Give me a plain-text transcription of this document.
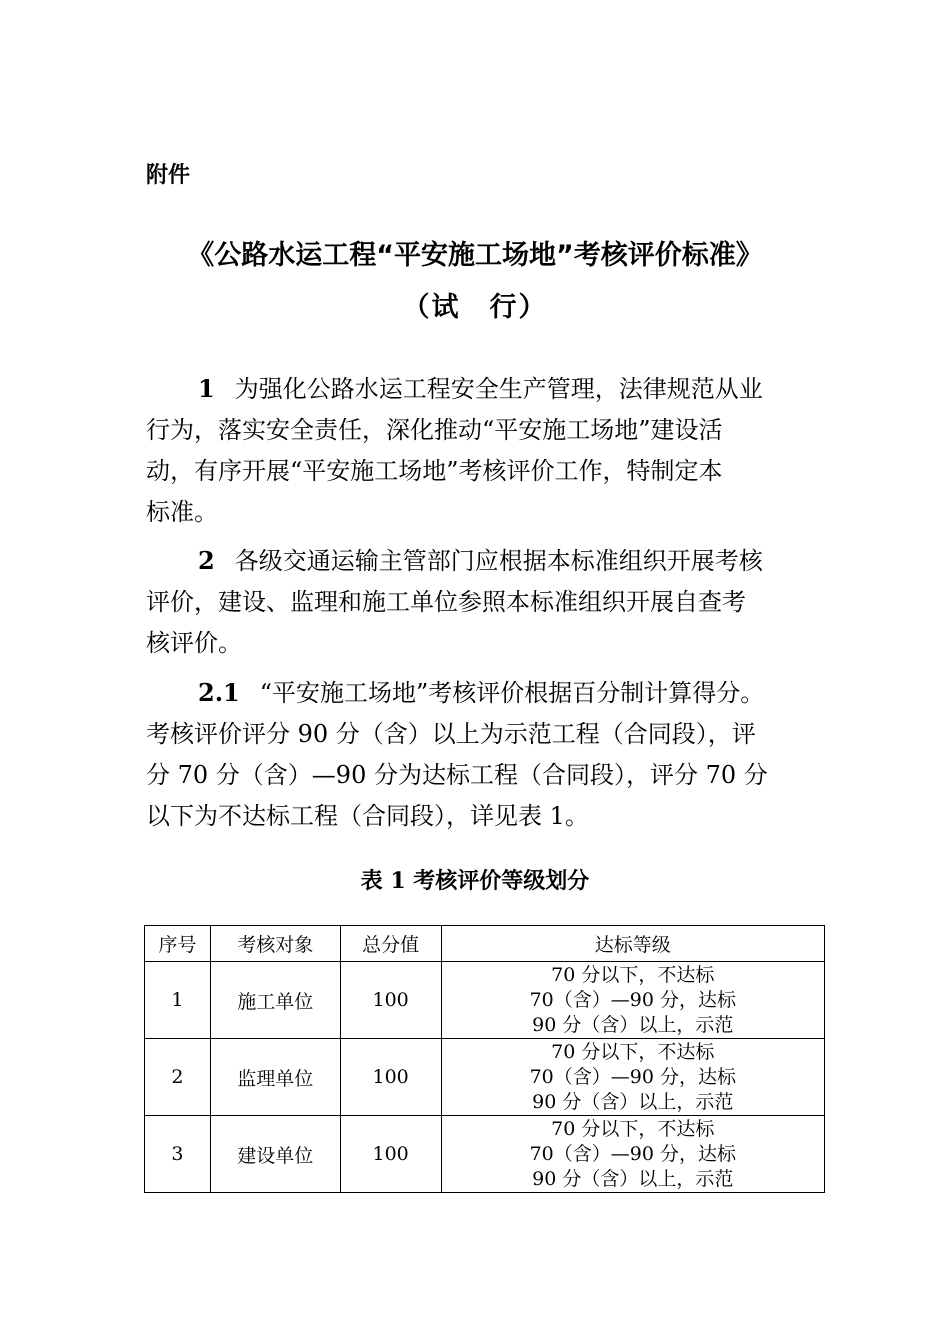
附件
《公路水运工程“平安施工场地”考核评价标准》
（试　行）
1 为强化公路水运工程安全生产管理，法律规范从业
行为，落实安全责任，深化推动“平安施工场地”建设活
动，有序开展“平安施工场地”考核评价工作，特制定本
标准。
2 各级交通运输主管部门应根据本标准组织开展考核
评价，建设、监理和施工单位参照本标准组织开展自查考
核评价。
2.1 “平安施工场地”考核评价根据百分制计算得分。
考核评价评分 90 分（含）以上为示范工程（合同段），评
分 70 分（含）—90 分为达标工程（合同段），评分 70 分
以下为不达标工程（合同段），详见表 1。
表 1 考核评价等级划分
序号	考核对象	总分值	达标等级
1	施工单位	100	70 分以下，不达标
70（含）—90 分，达标
90 分（含）以上，示范

2	监理单位	100	70 分以下，不达标
70（含）—90 分，达标
90 分（含）以上，示范

3	建设单位	100	70 分以下，不达标
70（含）—90 分，达标
90 分（含）以上，示范
